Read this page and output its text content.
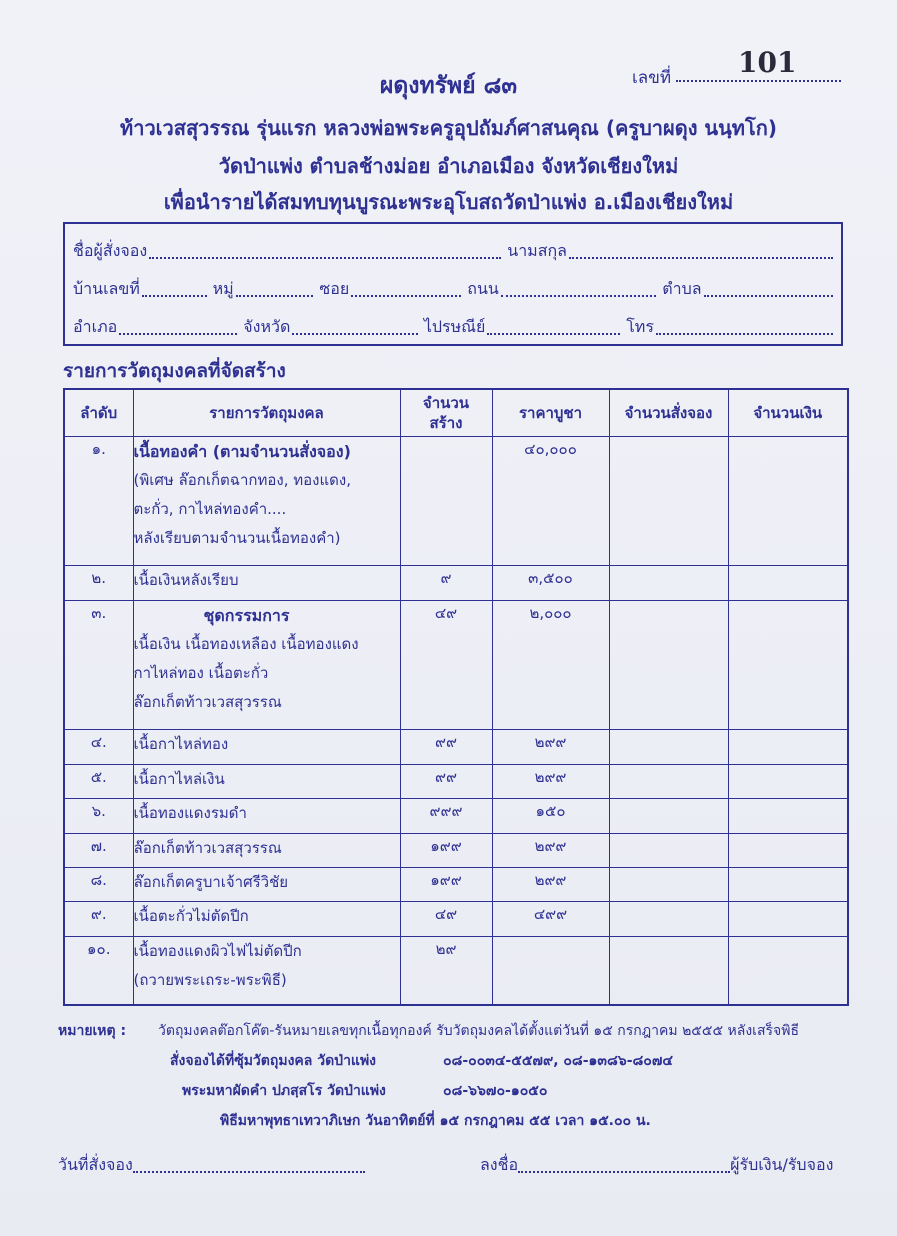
เลขที่ 101
ผดุงทรัพย์ ๘๓
ท้าวเวสสุวรรณ รุ่นแรก หลวงพ่อพระครูอุปถัมภ์ศาสนคุณ (ครูบาผดุง นนฺทโก)
วัดป่าแพ่ง ตำบลช้างม่อย อำเภอเมือง จังหวัดเชียงใหม่
เพื่อนำรายได้สมทบทุนบูรณะพระอุโบสถวัดป่าแพ่ง อ.เมืองเชียงใหม่
ชื่อผู้สั่งจอง	นามสกุล
บ้านเลขที่	หมู่	ซอย	ถนน	ตำบล
อำเภอ	จังหวัด	ไปรษณีย์	โทร
รายการวัตถุมงคลที่จัดสร้าง
ลำดับ	รายการวัตถุมงคล	จำนวน สร้าง	ราคาบูชา	จำนวนสั่งจอง	จำนวนเงิน
๑.	เนื้อทองคำ (ตามจำนวนสั่งจอง)
(พิเศษ ล๊อกเก็ตฉากทอง, ทองแดง,
ตะกั่ว, กาไหล่ทองคำ....
หลังเรียบตามจำนวนเนื้อทองคำ)		๔๐,๐๐๐		
๒.	เนื้อเงินหลังเรียบ	๙	๓,๕๐๐		
๓.	ชุดกรรมการ
เนื้อเงิน เนื้อทองเหลือง เนื้อทองแดง
กาไหล่ทอง เนื้อตะกั่ว
ล๊อกเก็ตท้าวเวสสุวรรณ	๔๙	๒,๐๐๐		
๔.	เนื้อกาไหล่ทอง	๙๙	๒๙๙		
๕.	เนื้อกาไหล่เงิน	๙๙	๒๙๙		
๖.	เนื้อทองแดงรมดำ	๙๙๙	๑๕๐		
๗.	ล๊อกเก็ตท้าวเวสสุวรรณ	๑๙๙	๒๙๙		
๘.	ล๊อกเก็ตครูบาเจ้าศรีวิชัย	๑๙๙	๒๙๙		
๙.	เนื้อตะกั่วไม่ตัดปีก	๔๙	๔๙๙		
๑๐.	เนื้อทองแดงผิวไฟไม่ตัดปีก
(ถวายพระเถระ-พระพิธี)	๒๙			
หมายเหตุ : วัตถุมงคลต๊อกโค๊ต-รันหมายเลขทุกเนื้อทุกองค์ รับวัตถุมงคลได้ตั้งแต่วันที่ ๑๕ กรกฎาคม ๒๕๕๕ หลังเสร็จพิธี
สั่งจองได้ที่ซุ้มวัตถุมงคล วัดป่าแพ่ง	๐๘-๐๐๓๔-๕๕๗๙, ๐๘-๑๓๘๖-๘๐๗๔
พระมหาผัดคำ ปภสฺสโร วัดป่าแพ่ง	๐๘-๖๖๗๐-๑๐๕๐
พิธีมหาพุทธาเทวาภิเษก วันอาทิตย์ที่ ๑๕ กรกฎาคม ๕๕ เวลา ๑๕.๐๐ น.
วันที่สั่งจอง	ลงชื่อ	ผู้รับเงิน/รับจอง
